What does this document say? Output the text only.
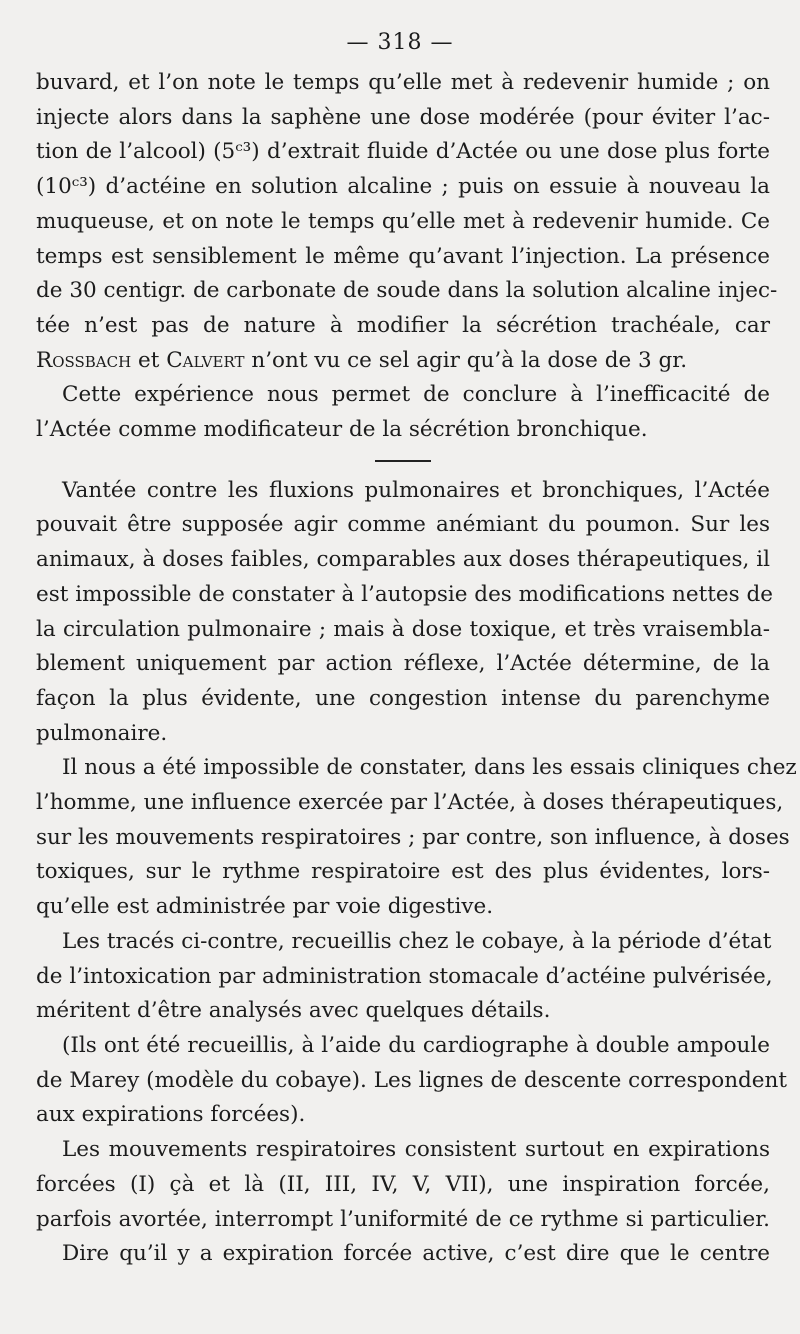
— 318 —

buvard, et l’on note le temps qu’elle met à redevenir humide ; on
injecte alors dans la saphène une dose modérée (pour éviter l’ac-
tion de l’alcool) (5ᶜ³) d’extrait fluide d’Actée ou une dose plus forte
(10ᶜ³) d’actéine en solution alcaline ; puis on essuie à nouveau la
muqueuse, et on note le temps qu’elle met à redevenir humide. Ce
temps est sensiblement le même qu’avant l’injection. La présence
de 30 centigr. de carbonate de soude dans la solution alcaline injec-
tée n’est pas de nature à modifier la sécrétion trachéale, car
Rossbach et Calvert n’ont vu ce sel agir qu’à la dose de 3 gr.

Cette expérience nous permet de conclure à l’inefficacité de
l’Actée comme modificateur de la sécrétion bronchique.

Vantée contre les fluxions pulmonaires et bronchiques, l’Actée
pouvait être supposée agir comme anémiant du poumon. Sur les
animaux, à doses faibles, comparables aux doses thérapeutiques, il
est impossible de constater à l’autopsie des modifications nettes de
la circulation pulmonaire ; mais à dose toxique, et très vraisembla-
blement uniquement par action réflexe, l’Actée détermine, de la
façon la plus évidente, une congestion intense du parenchyme
pulmonaire.

Il nous a été impossible de constater, dans les essais cliniques chez
l’homme, une influence exercée par l’Actée, à doses thérapeutiques,
sur les mouvements respiratoires ; par contre, son influence, à doses
toxiques, sur le rythme respiratoire est des plus évidentes, lors-
qu’elle est administrée par voie digestive.

Les tracés ci-contre, recueillis chez le cobaye, à la période d’état
de l’intoxication par administration stomacale d’actéine pulvérisée,
méritent d’être analysés avec quelques détails.

(Ils ont été recueillis, à l’aide du cardiographe à double ampoule
de Marey (modèle du cobaye). Les lignes de descente correspondent
aux expirations forcées).

Les mouvements respiratoires consistent surtout en expirations
forcées (I) çà et là (II, III, IV, V, VII), une inspiration forcée,
parfois avortée, interrompt l’uniformité de ce rythme si particulier.

Dire qu’il y a expiration forcée active, c’est dire que le centre
